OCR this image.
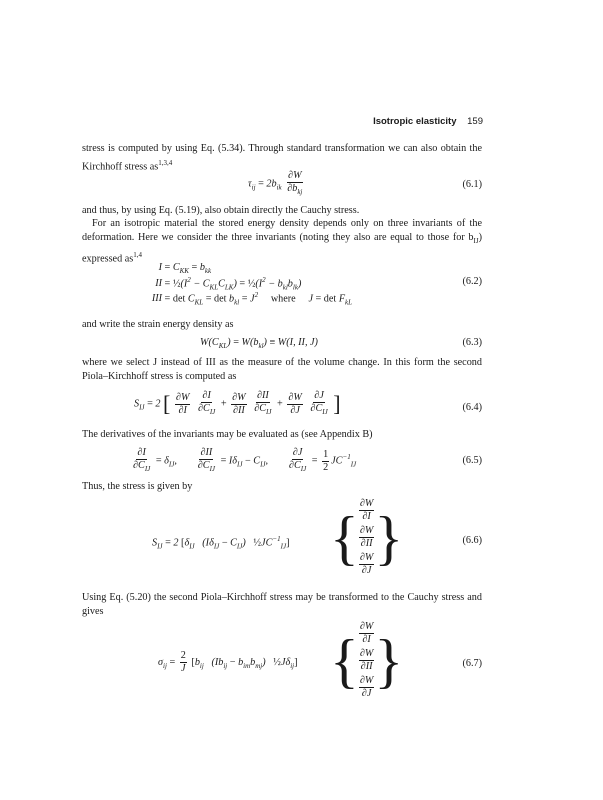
Isotropic elasticity 159
stress is computed by using Eq. (5.34). Through standard transformation we can also obtain the Kirchhoff stress as$^{1,3,4}$
$\tau_{ij} = 2b_{ik} \frac{\partial W}{\partial b_{kj}}$	(6.1)
and thus, by using Eq. (5.19), also obtain directly the Cauchy stress.
For an isotropic material the stored energy density depends only on three invariants of the deformation. Here we consider the three invariants (noting they also are equal to those for $b_{IJ}$) expressed as$^{1,4}$
$I = C_{KK} = b_{kk}$
II = $\frac{1}{2}(I^2 - C_{KL}C_{LK})$ = $\frac{1}{2}(I^2 - b_{kl}b_{lk})$
III = $\det C_{KL} = \det b_{kl} = J^2$ where     $J = \det F_{kL}$
(6.2)
and write the strain energy density as
$W(C_{KL}) = W(b_{kl}) \equiv W(I$, II, J)	(6.3)
where we select J instead of III as the measure of the volume change. In this form the second Piola–Kirchhoff stress is computed as
$S_{IJ} = 2$ [ $\frac{\partial W}{\partial I}$
$\frac{\partial I}{\partial C_{IJ}} + \frac{\partial W}{\partial II}$
$\frac{\partial II}{\partial C_{IJ}} + \frac{\partial W}{\partial J}$
$\frac{\partial J}{\partial C_{IJ}}$ ]	(6.4)
The derivatives of the invariants may be evaluated as (see Appendix B)
$\frac{\partial I}{\partial C_{IJ}} = \delta_{IJ}$, $\frac{\partial II}{\partial C_{IJ}} = I\delta_{IJ} - C_{IJ}$, $\frac{\partial J}{\partial C_{IJ}} = \frac{1}{2} JC^{-1}_{IJ}$	(6.5)
Thus, the stress is given by
$S_{IJ} = 2$ [$\delta_{IJ}$   $(I\delta_{IJ} - C_{IJ})$   $\frac{1}{2}JC^{-1}_{IJ}$] { $\frac{\partial W}{\partial I}$
$\frac{\partial W}{\partial II}$
$\frac{\partial W}{\partial J}$ }	(6.6)
Using Eq. (5.20) the second Piola–Kirchhoff stress may be transformed to the Cauchy stress and gives
$\sigma_{ij} = \frac{2}{J} [b_{ij}$   $(Ib_{ij} - b_{im}b_{mj})$   $\frac{1}{2}J\delta_{ij}$] { $\frac{\partial W}{\partial I}$
$\frac{\partial W}{\partial II}$
$\frac{\partial W}{\partial J}$ }	(6.7)
